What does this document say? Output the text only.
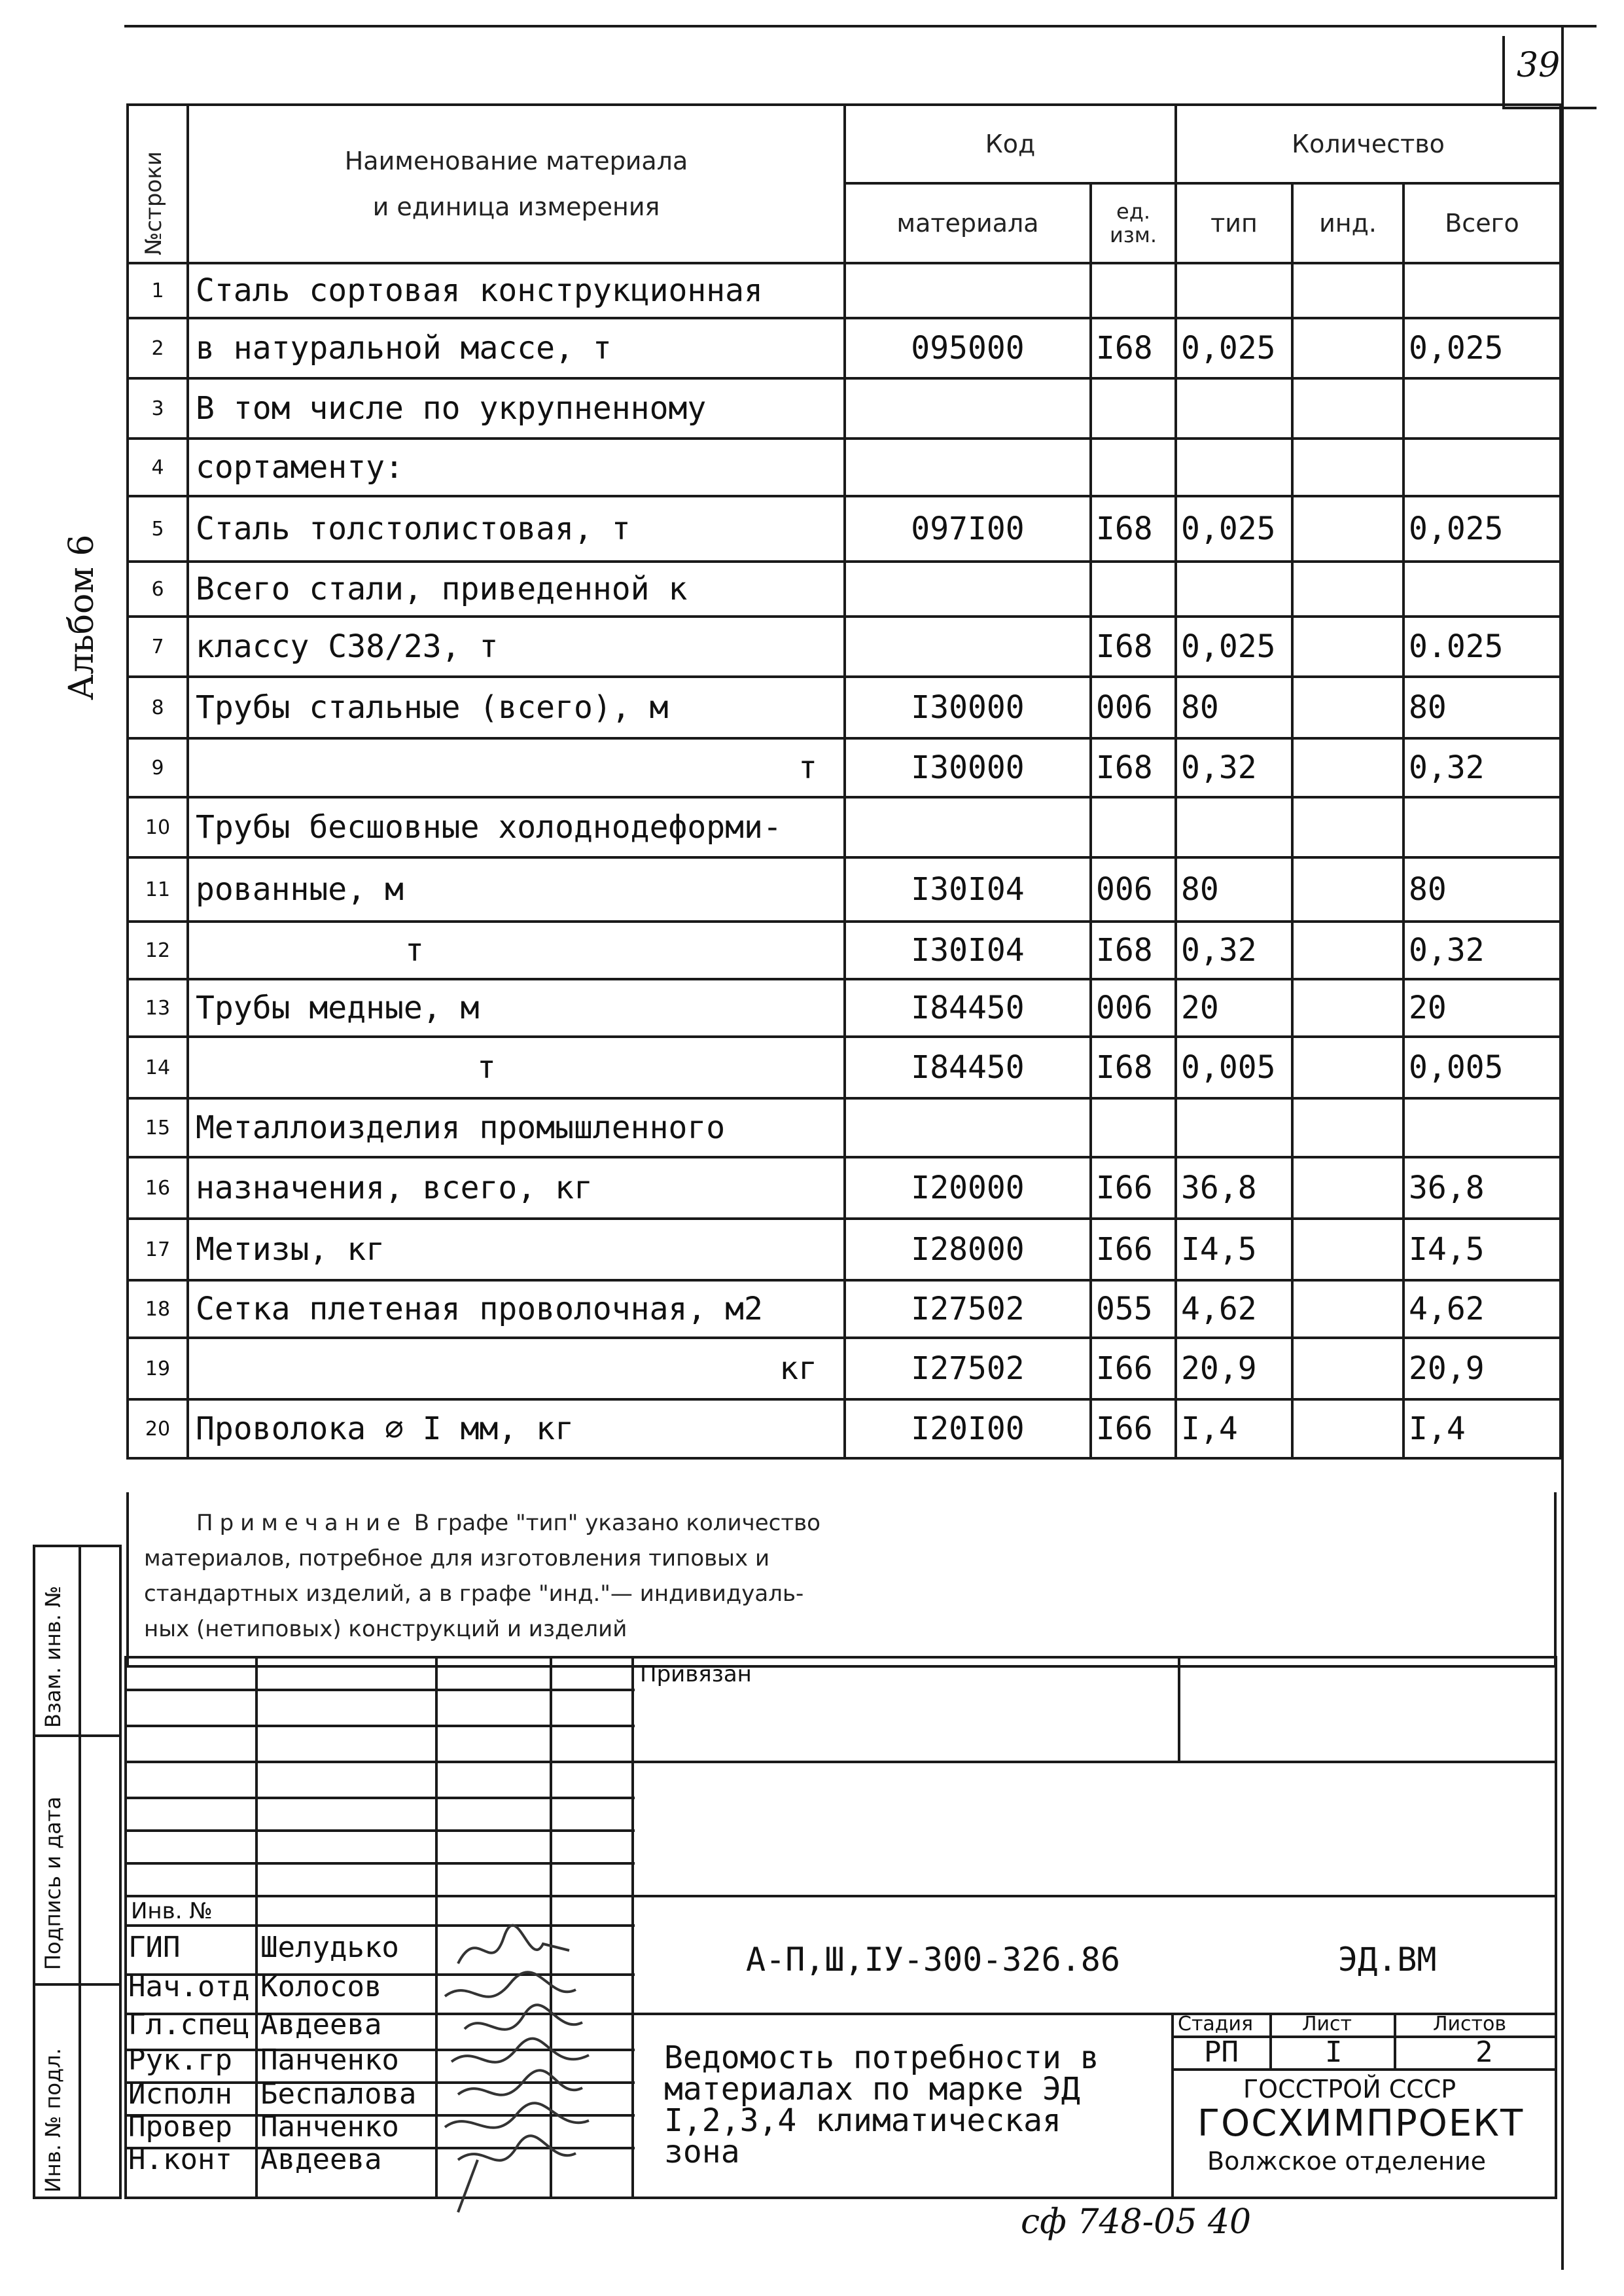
39
Альбом 6
№строки	Наименование материала
и единица измерения	Код		Количество		
		материала	ед. изм.	тип	инд.	Всего
1	Сталь сортовая конструкционная					
2	в натуральной массе, т	095000	I68	0,025		0,025
3	В том числе по укрупненному					
4	сортаменту:					
5	Сталь толстолистовая, т	097I00	I68	0,025		0,025
6	Всего стали, приведенной к					
7	классу С38/23, т		I68	0,025		0.025
8	Трубы стальные (всего), м	I30000	006	80		80
9	т	I30000	I68	0,32		0,32
10	Трубы бесшовные холоднодеформи-					
11	рованные, м	I30I04	006	80		80
12	т	I30I04	I68	0,32		0,32
13	Трубы медные, м	I84450	006	20		20
14	т	I84450	I68	0,005		0,005
15	Металлоизделия промышленного					
16	назначения, всего, кг	I20000	I66	36,8		36,8
17	Метизы, кг	I28000	I66	I4,5		I4,5
18	Сетка плетеная проволочная, м2	I27502	055	4,62		4,62
19	кг	I27502	I66	20,9		20,9
20	Проволока ∅ I мм, кг	I20I00	I66	I,4		I,4
Примечание В графе "тип" указано количество
материалов, потребное для изготовления типовых и
стандартных изделий, а в графе "инд."— индивидуаль-
ных (нетиповых) конструкций и изделий
Взам. инв. №
Подпись и дата
Инв. № подл.
Привязан
Инв. №
ГИП	Шелудько
Нач.отд Колосов
Гл.спец Авдеева
Рук.гр Панченко
Исполн Беспалова
Провер Панченко
Н.конт Авдеева
А-П,Ш,IУ-300-326.86	ЭД.ВМ
Ведомость потребности в
материалах по марке ЭД
I,2,3,4 климатическая
зона
Стадия Лист	Листов
РП	I	2
ГОССТРОЙ СССР
ГОСХИМПРОЕКТ
Волжское отделение
сф 748-05 40
